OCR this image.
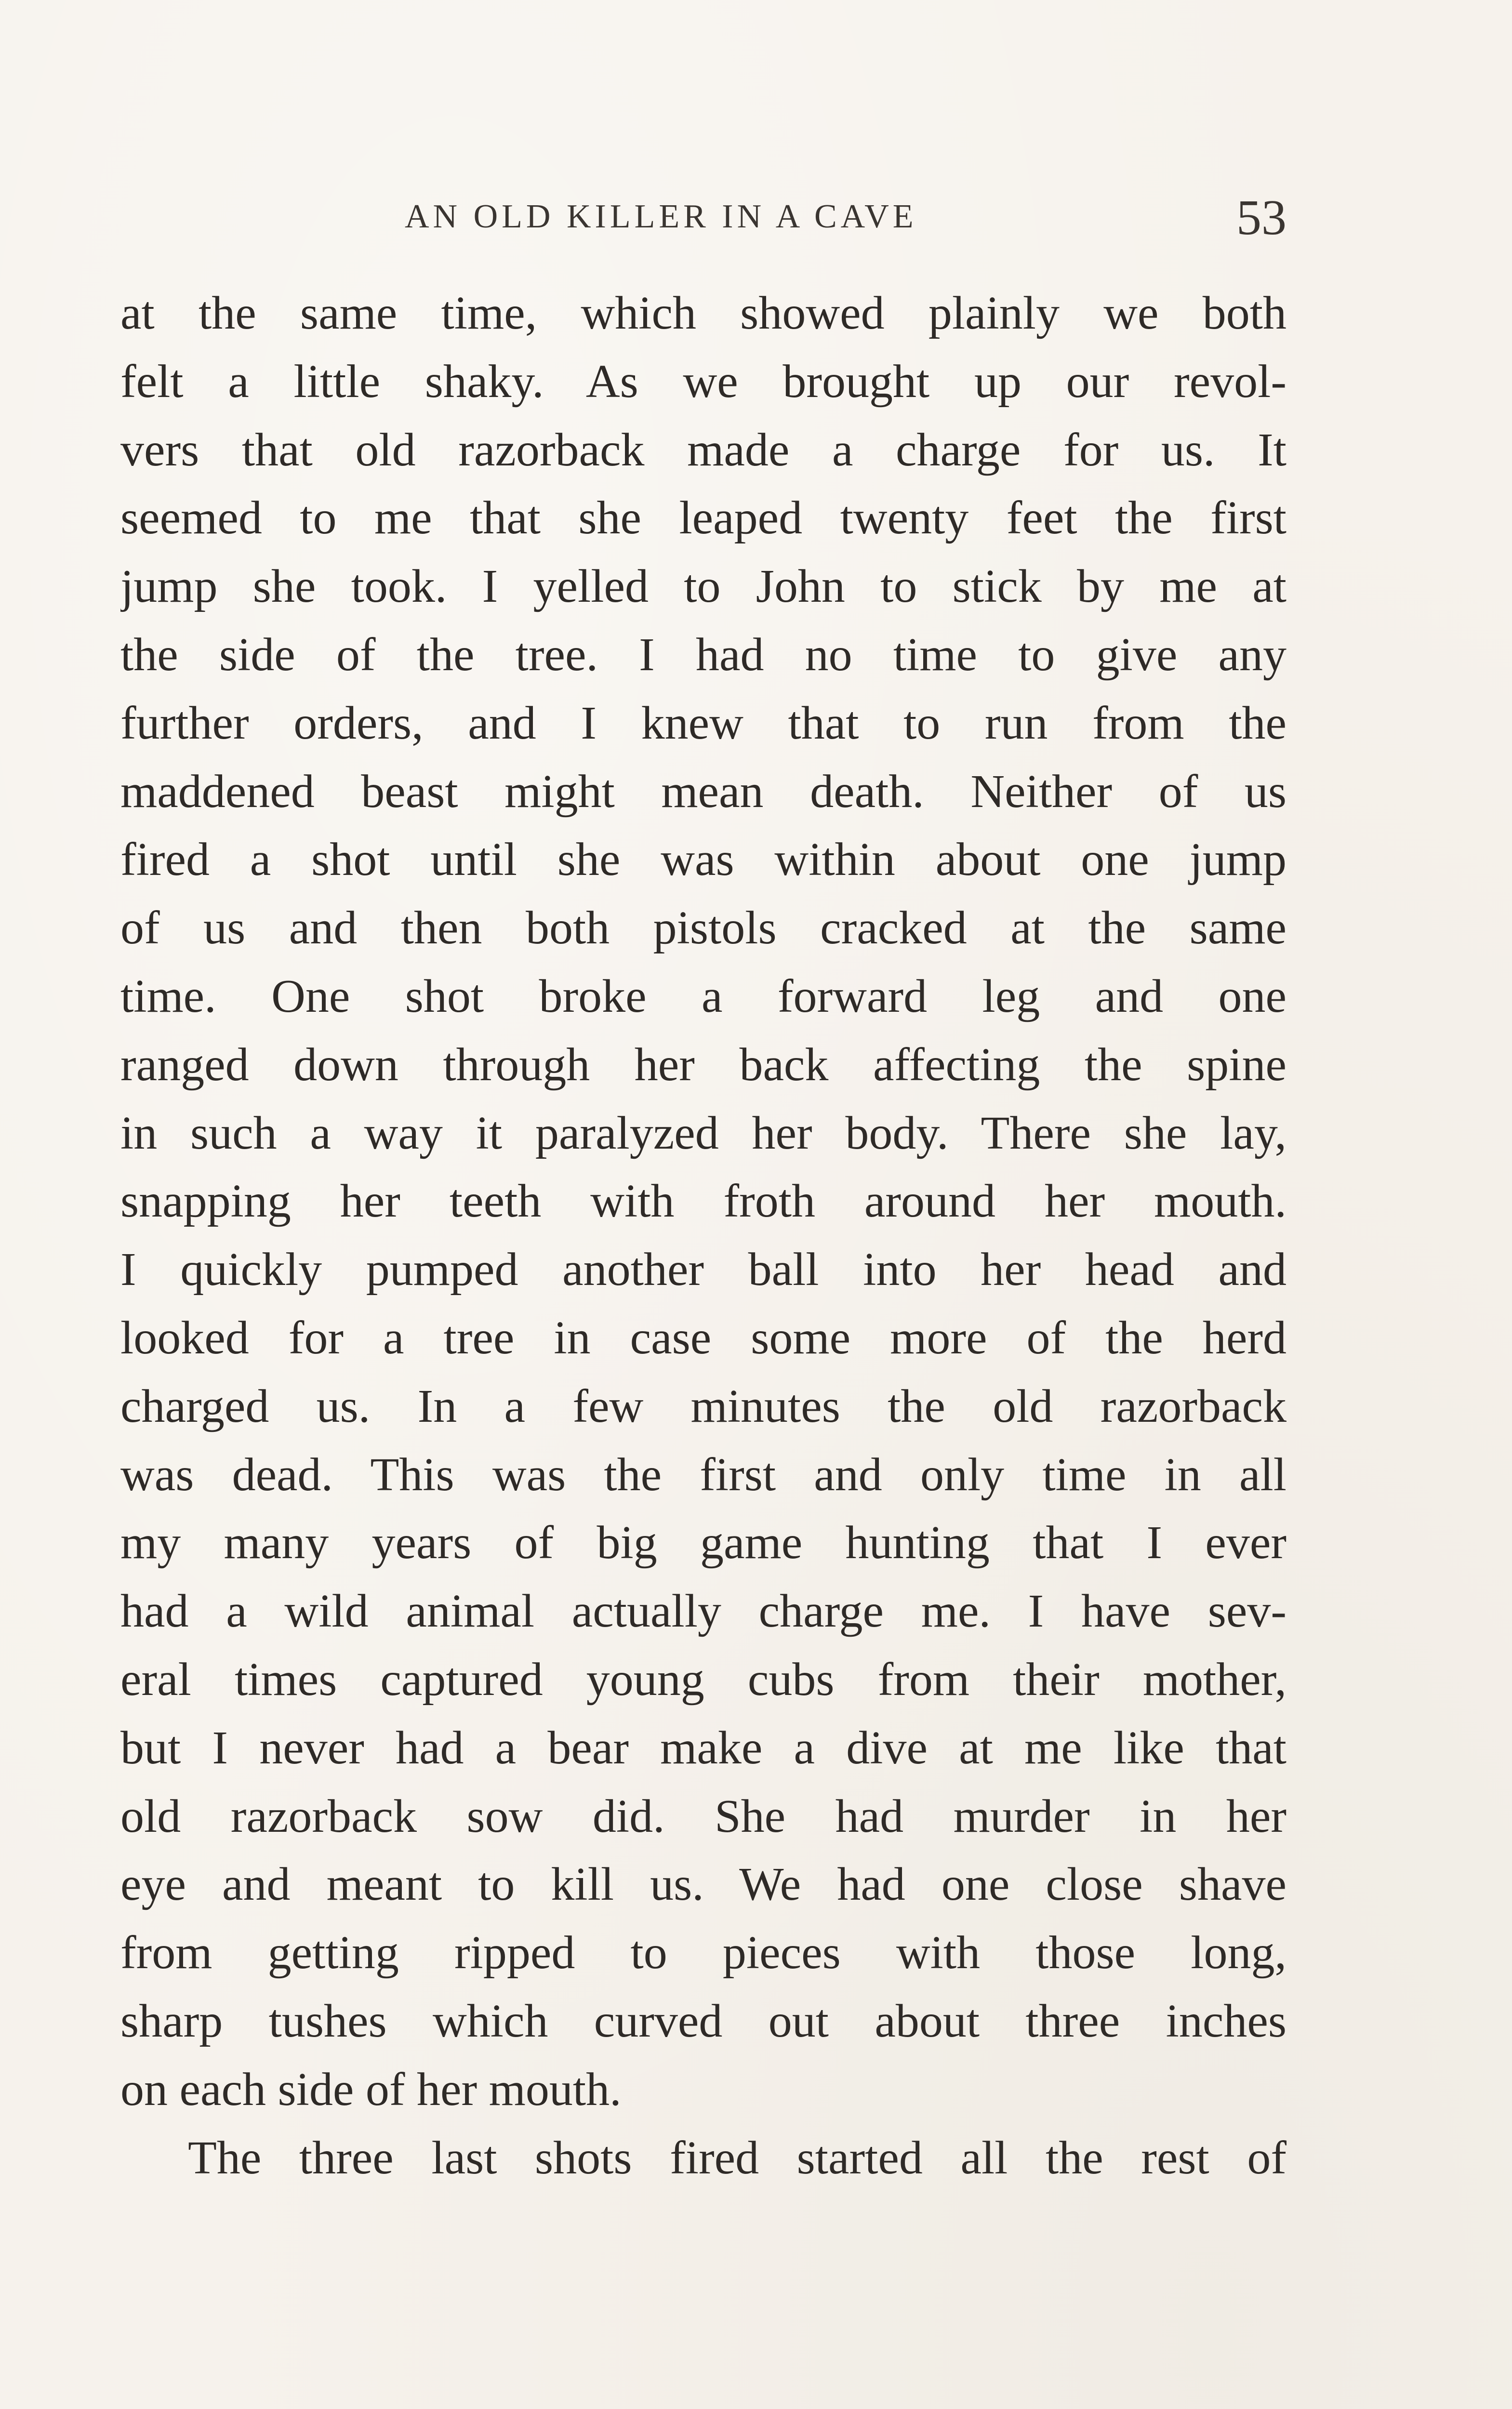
AN OLD KILLER IN A CAVE	53
at the same time, which showed plainly we both
felt a little shaky. As we brought up our revol-
vers that old razorback made a charge for us. It
seemed to me that she leaped twenty feet the first
jump she took. I yelled to John to stick by me at
the side of the tree. I had no time to give any
further orders, and I knew that to run from the
maddened beast might mean death. Neither of us
fired a shot until she was within about one jump
of us and then both pistols cracked at the same
time. One shot broke a forward leg and one
ranged down through her back affecting the spine
in such a way it paralyzed her body. There she lay,
snapping her teeth with froth around her mouth.
I quickly pumped another ball into her head and
looked for a tree in case some more of the herd
charged us. In a few minutes the old razorback
was dead. This was the first and only time in all
my many years of big game hunting that I ever
had a wild animal actually charge me. I have sev-
eral times captured young cubs from their mother,
but I never had a bear make a dive at me like that
old razorback sow did. She had murder in her
eye and meant to kill us. We had one close shave
from getting ripped to pieces with those long,
sharp tushes which curved out about three inches
on each side of her mouth.
The three last shots fired started all the rest of
